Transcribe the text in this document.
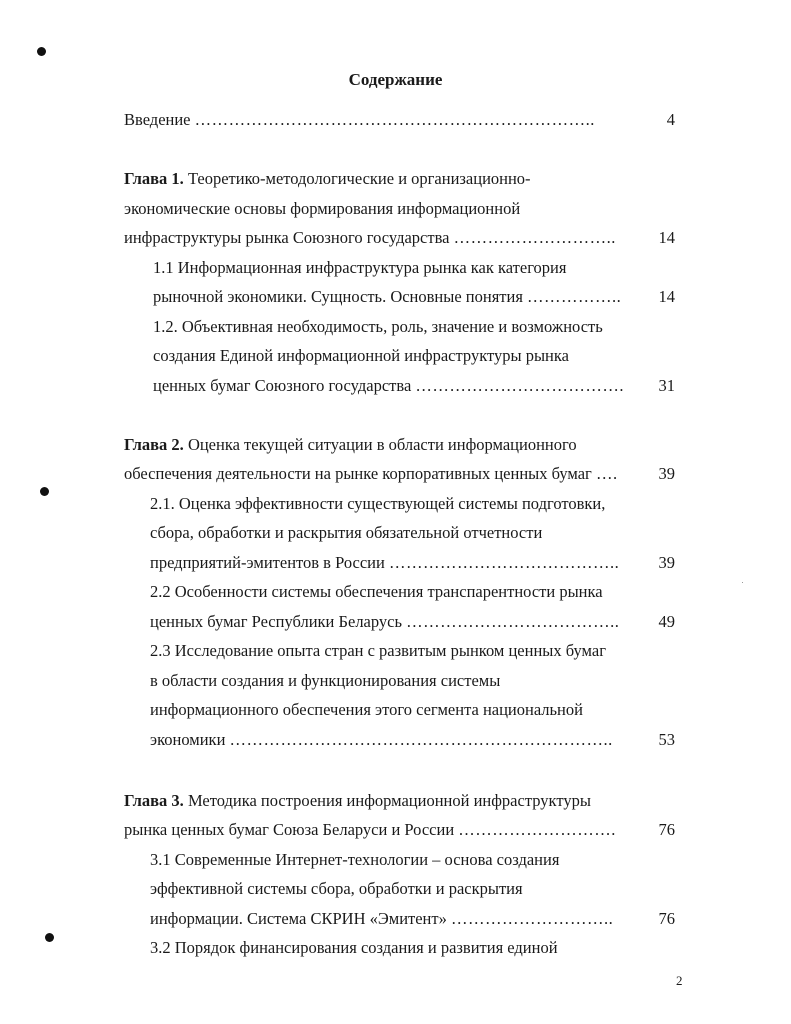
Содержание
Введение ……………………………………………………………..	4
Глава 1. Теоретико-методологические и организационно-
экономические основы формирования информационной
инфраструктуры рынка Союзного государства ………………………..	14
1.1 Информационная инфраструктура рынка как категория
рыночной экономики. Сущность. Основные понятия ……………..	14
1.2. Объективная необходимость, роль, значение и возможность
создания Единой информационной инфраструктуры рынка
ценных бумаг Союзного государства ……………………………….	31
Глава 2. Оценка текущей ситуации в области информационного
обеспечения деятельности на рынке корпоративных ценных бумаг ….	39
2.1. Оценка эффективности существующей системы подготовки,
сбора, обработки и раскрытия обязательной отчетности
предприятий-эмитентов в России …………………………………..	39
2.2 Особенности системы обеспечения транспарентности рынка
ценных бумаг Республики Беларусь ………………………………..	49
2.3 Исследование опыта стран с развитым рынком ценных бумаг
в области создания и функционирования системы
информационного обеспечения этого сегмента национальной
экономики …………………………………………………………..	53
Глава 3. Методика построения информационной инфраструктуры
рынка ценных бумаг Союза Беларуси и России ……………………….	76
3.1 Современные Интернет-технологии – основа создания
эффективной системы сбора, обработки и раскрытия
информации. Система СКРИН «Эмитент» ………………………..	76
3.2 Порядок финансирования создания и развития единой
2
